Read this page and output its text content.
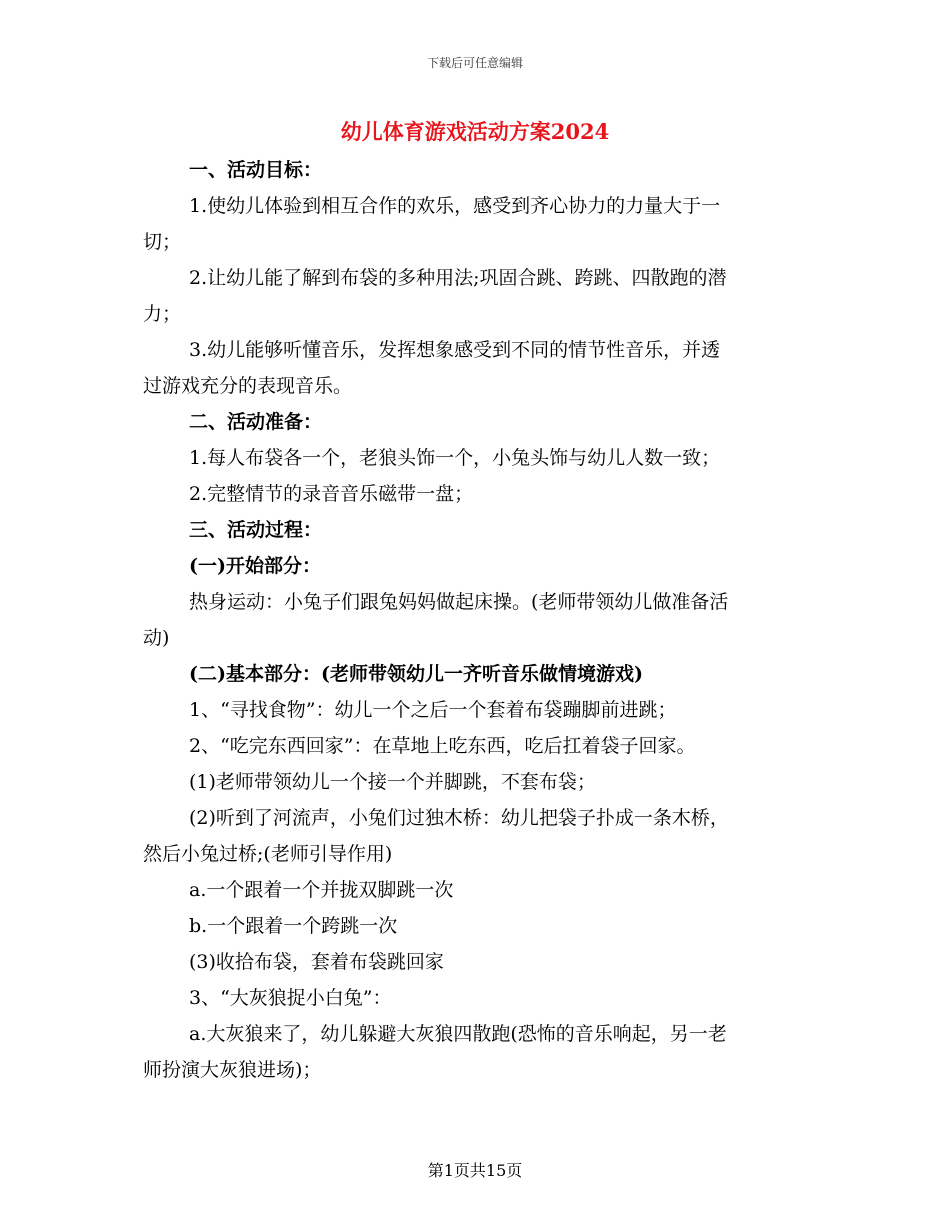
下载后可任意编辑
幼儿体育游戏活动方案2024

一、活动目标：

1.使幼儿体验到相互合作的欢乐，感受到齐心协力的力量大于一

切；

2.让幼儿能了解到布袋的多种用法;巩固合跳、跨跳、四散跑的潜

力；

3.幼儿能够听懂音乐，发挥想象感受到不同的情节性音乐，并透

过游戏充分的表现音乐。

二、活动准备：

1.每人布袋各一个，老狼头饰一个，小兔头饰与幼儿人数一致；

2.完整情节的录音音乐磁带一盘；

三、活动过程：

(一)开始部分：

热身运动：小兔子们跟兔妈妈做起床操。(老师带领幼儿做准备活

动)

(二)基本部分：(老师带领幼儿一齐听音乐做情境游戏)

1、“寻找食物”：幼儿一个之后一个套着布袋蹦脚前进跳；

2、“吃完东西回家”：在草地上吃东西，吃后扛着袋子回家。

(1)老师带领幼儿一个接一个并脚跳，不套布袋；

(2)听到了河流声，小兔们过独木桥：幼儿把袋子扑成一条木桥，

然后小兔过桥;(老师引导作用)

a.一个跟着一个并拢双脚跳一次

b.一个跟着一个跨跳一次

(3)收拾布袋，套着布袋跳回家

3、“大灰狼捉小白兔”：

a.大灰狼来了，幼儿躲避大灰狼四散跑(恐怖的音乐响起，另一老

师扮演大灰狼进场)；

第1页共15页
